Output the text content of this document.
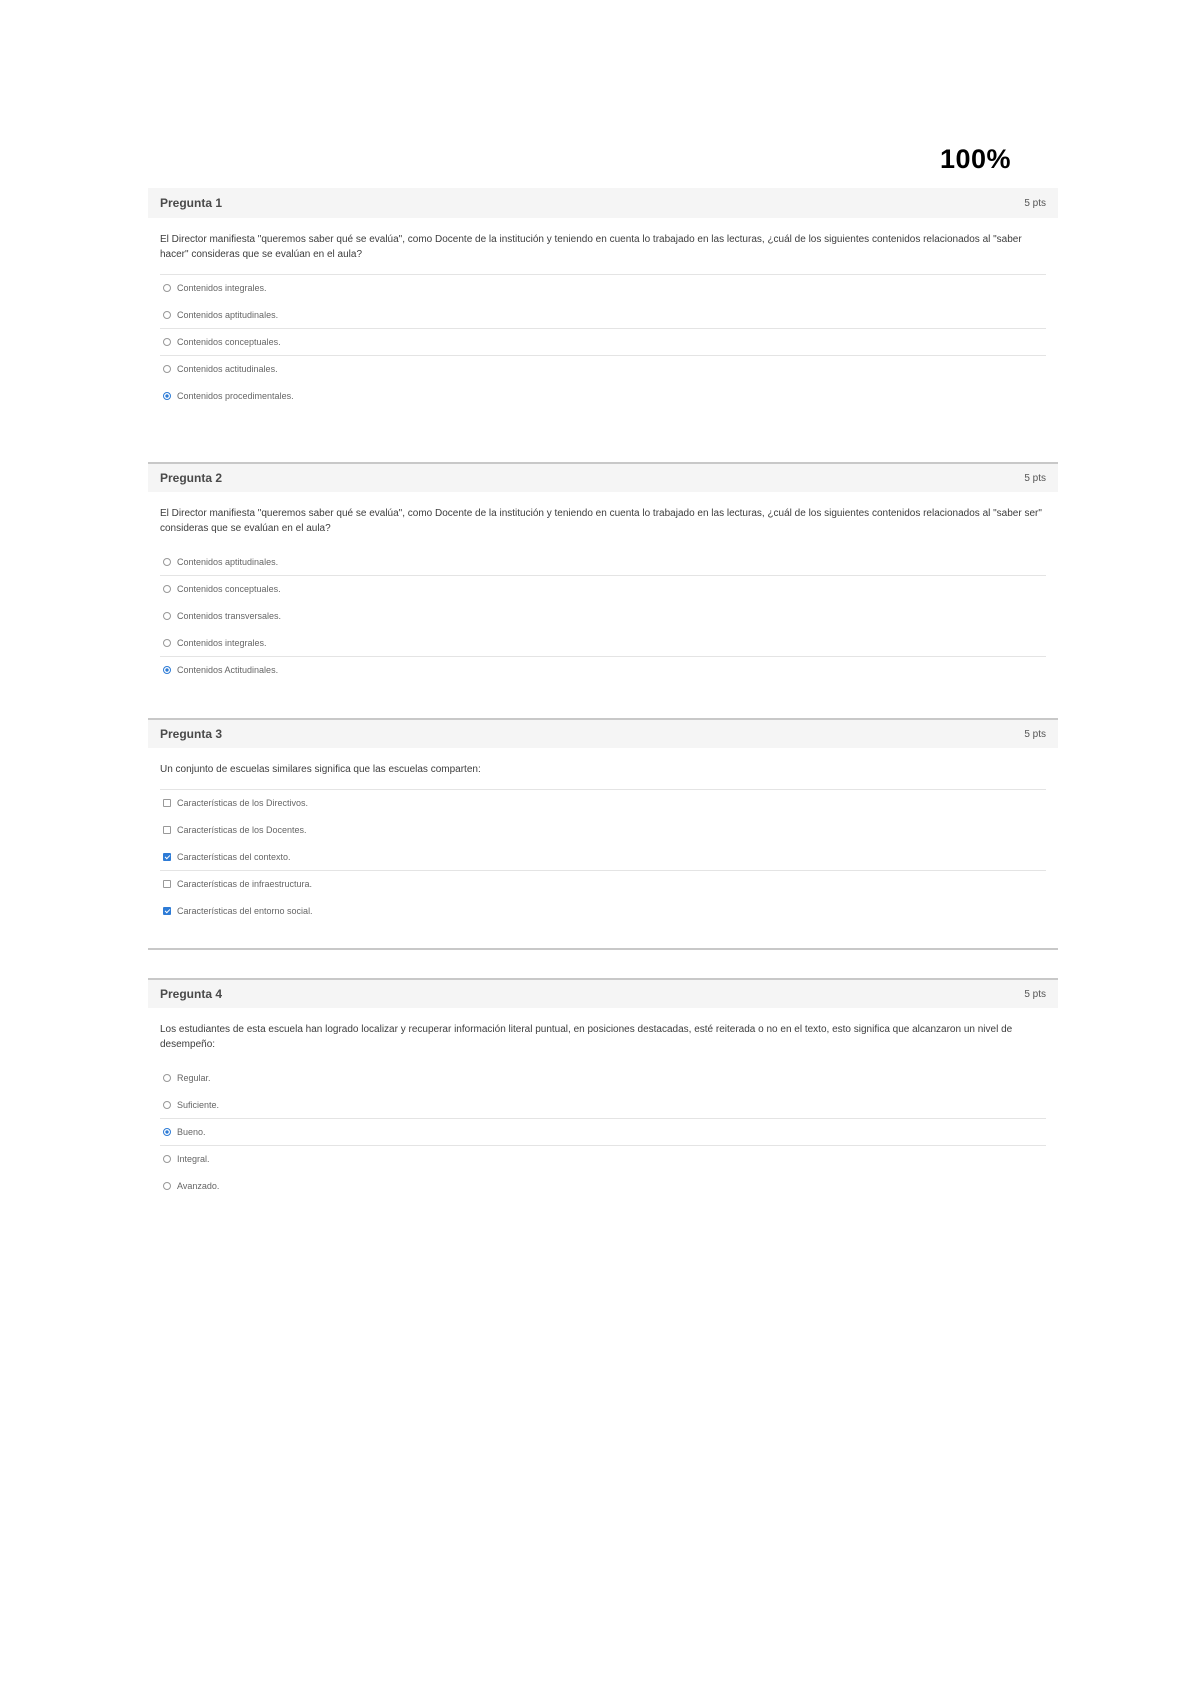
100%
Pregunta 1	5 pts
El Director manifiesta "queremos saber qué se evalúa", como Docente de la institución y teniendo en cuenta lo trabajado en las lecturas, ¿cuál de los siguientes contenidos relacionados al "saber hacer" consideras que se evalúan en el aula?
Contenidos integrales.
Contenidos aptitudinales.
Contenidos conceptuales.
Contenidos actitudinales.
Contenidos procedimentales.
Pregunta 2	5 pts
El Director manifiesta "queremos saber qué se evalúa", como Docente de la institución y teniendo en cuenta lo trabajado en las lecturas, ¿cuál de los siguientes contenidos relacionados al "saber ser" consideras que se evalúan en el aula?
Contenidos aptitudinales.
Contenidos conceptuales.
Contenidos transversales.
Contenidos integrales.
Contenidos Actitudinales.
Pregunta 3	5 pts
Un conjunto de escuelas similares significa que las escuelas comparten:
Características de los Directivos.
Características de los Docentes.
Características del contexto.
Características de infraestructura.
Características del entorno social.
Pregunta 4	5 pts
Los estudiantes de esta escuela han logrado localizar y recuperar información literal puntual, en posiciones destacadas, esté reiterada o no en el texto, esto significa que alcanzaron un nivel de desempeño:
Regular.
Suficiente.
Bueno.
Integral.
Avanzado.
